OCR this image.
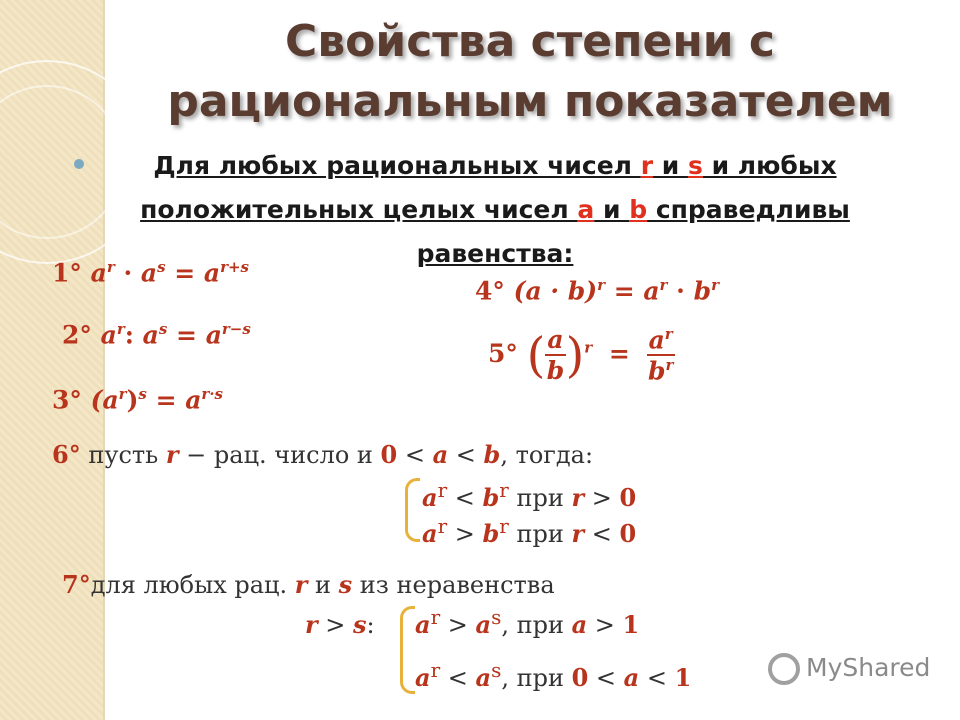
Свойства степени с
рациональным показателем
Для любых рациональных чисел r и s и любых
положительных целых чисел a и b справедливы
равенства:
1° $a^r \cdot a^s = a^{r+s}$
2° $a^r$: $a^s = a^{r-s}$
3° $(a^r)^s = a^{r\cdot s}$
4° $(a \cdot b)^r = a^r \cdot b^r$
5° ( $\frac{a}{b} )^r = \frac{a^r}{b^r}$
6° пусть r − рац. число и 0 < a < b, тогда:
$a^r < b^r$ при r > 0
$a^r > b^r$ при r < 0
7°для любых рац. r и s из неравенства
r > s: $a^r > a^s$, при a > 1
$a^r < a^s$, при 0 < a < 1	MyShared
